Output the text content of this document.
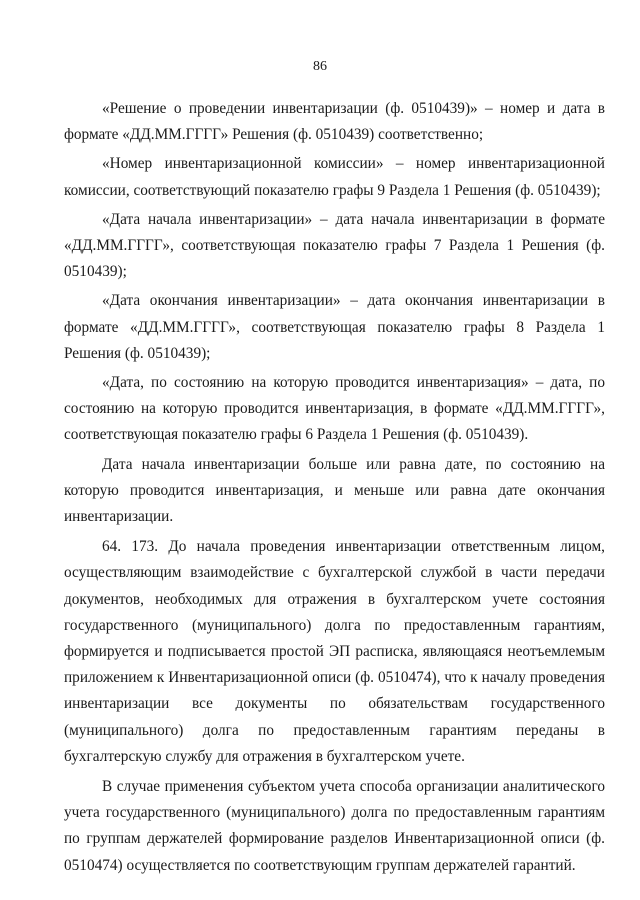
86

«Решение о проведении инвентаризации (ф. 0510439)» – номер и дата в формате «ДД.ММ.ГГГГ» Решения (ф. 0510439) соответственно;

«Номер инвентаризационной комиссии» – номер инвентаризационной комиссии, соответствующий показателю графы 9 Раздела 1 Решения (ф. 0510439);

«Дата начала инвентаризации» – дата начала инвентаризации в формате «ДД.ММ.ГГГГ», соответствующая показателю графы 7 Раздела 1 Решения (ф. 0510439);

«Дата окончания инвентаризации» – дата окончания инвентаризации в формате «ДД.ММ.ГГГГ», соответствующая показателю графы 8 Раздела 1 Решения (ф. 0510439);

«Дата, по состоянию на которую проводится инвентаризация» – дата, по состоянию на которую проводится инвентаризация, в формате «ДД.ММ.ГГГГ», соответствующая показателю графы 6 Раздела 1 Решения (ф. 0510439).

Дата начала инвентаризации больше или равна дате, по состоянию на которую проводится инвентаризация, и меньше или равна дате окончания инвентаризации.

64. 173. До начала проведения инвентаризации ответственным лицом, осуществляющим взаимодействие с бухгалтерской службой в части передачи документов, необходимых для отражения в бухгалтерском учете состояния государственного (муниципального) долга по предоставленным гарантиям, формируется и подписывается простой ЭП расписка, являющаяся неотъемлемым приложением к Инвентаризационной описи (ф. 0510474), что к началу проведения инвентаризации все документы по обязательствам государственного (муниципального) долга по предоставленным гарантиям переданы в бухгалтерскую службу для отражения в бухгалтерском учете.

В случае применения субъектом учета способа организации аналитического учета государственного (муниципального) долга по предоставленным гарантиям по группам держателей формирование разделов Инвентаризационной описи (ф. 0510474) осуществляется по соответствующим группам держателей гарантий.
